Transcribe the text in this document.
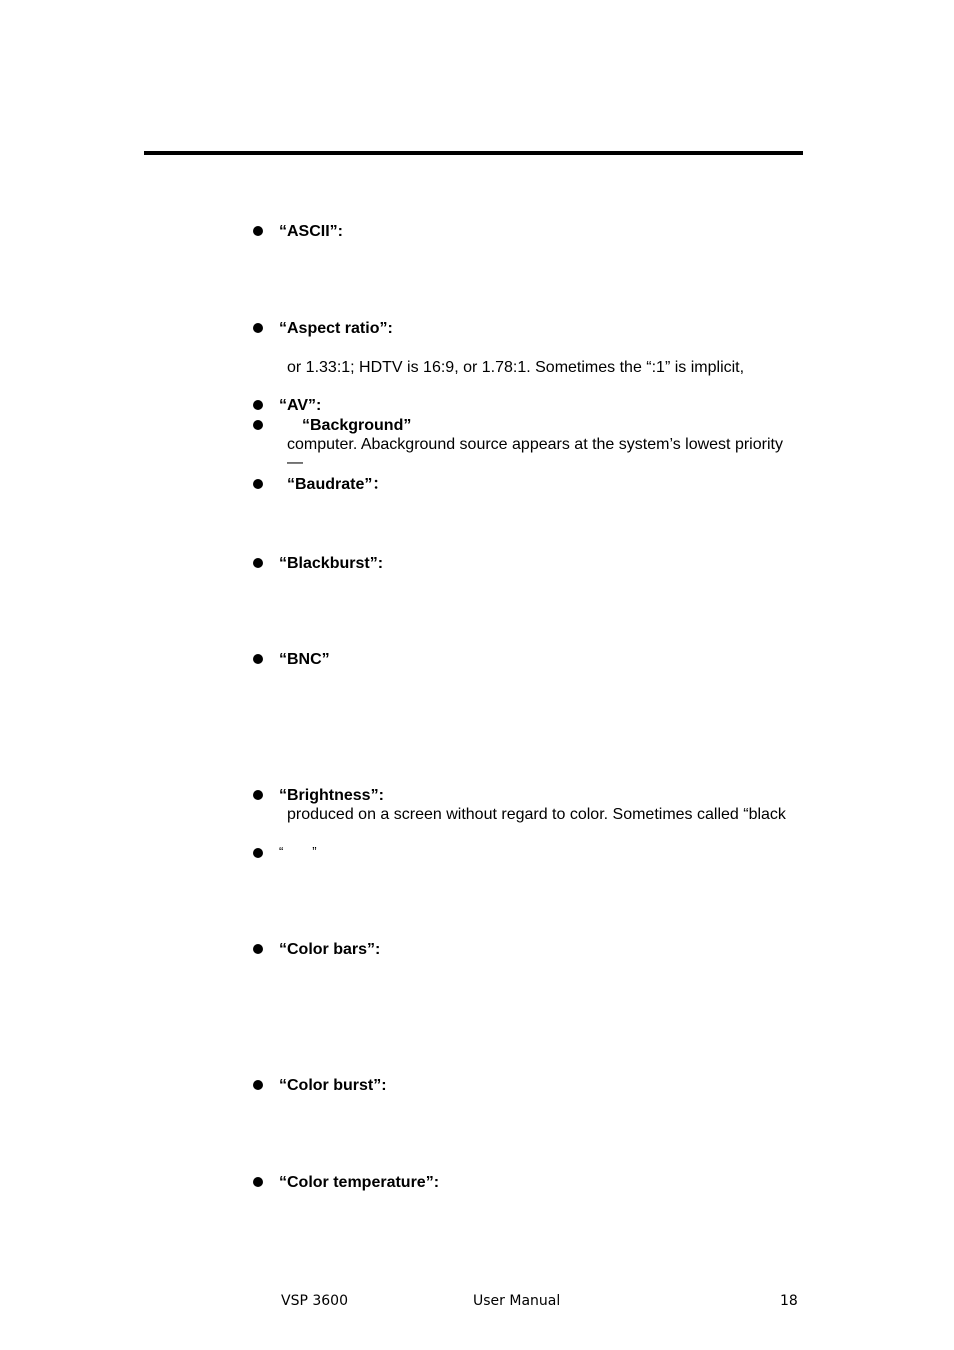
“ASCII”:
“Aspect ratio”:
or 1.33:1; HDTV is 16:9, or 1.78:1. Sometimes the “:1” is implicit,
“AV”:
“Background”
computer. Abackground source appears at the system’s lowest priority
—
“Baudrate”：
“Blackburst”:
“BNC”
“Brightness”:
produced on a screen without regard to color. Sometimes called “black
“        ”
“Color bars”:
“Color burst”:
“Color temperature”:
VSP 3600	User Manual	18
